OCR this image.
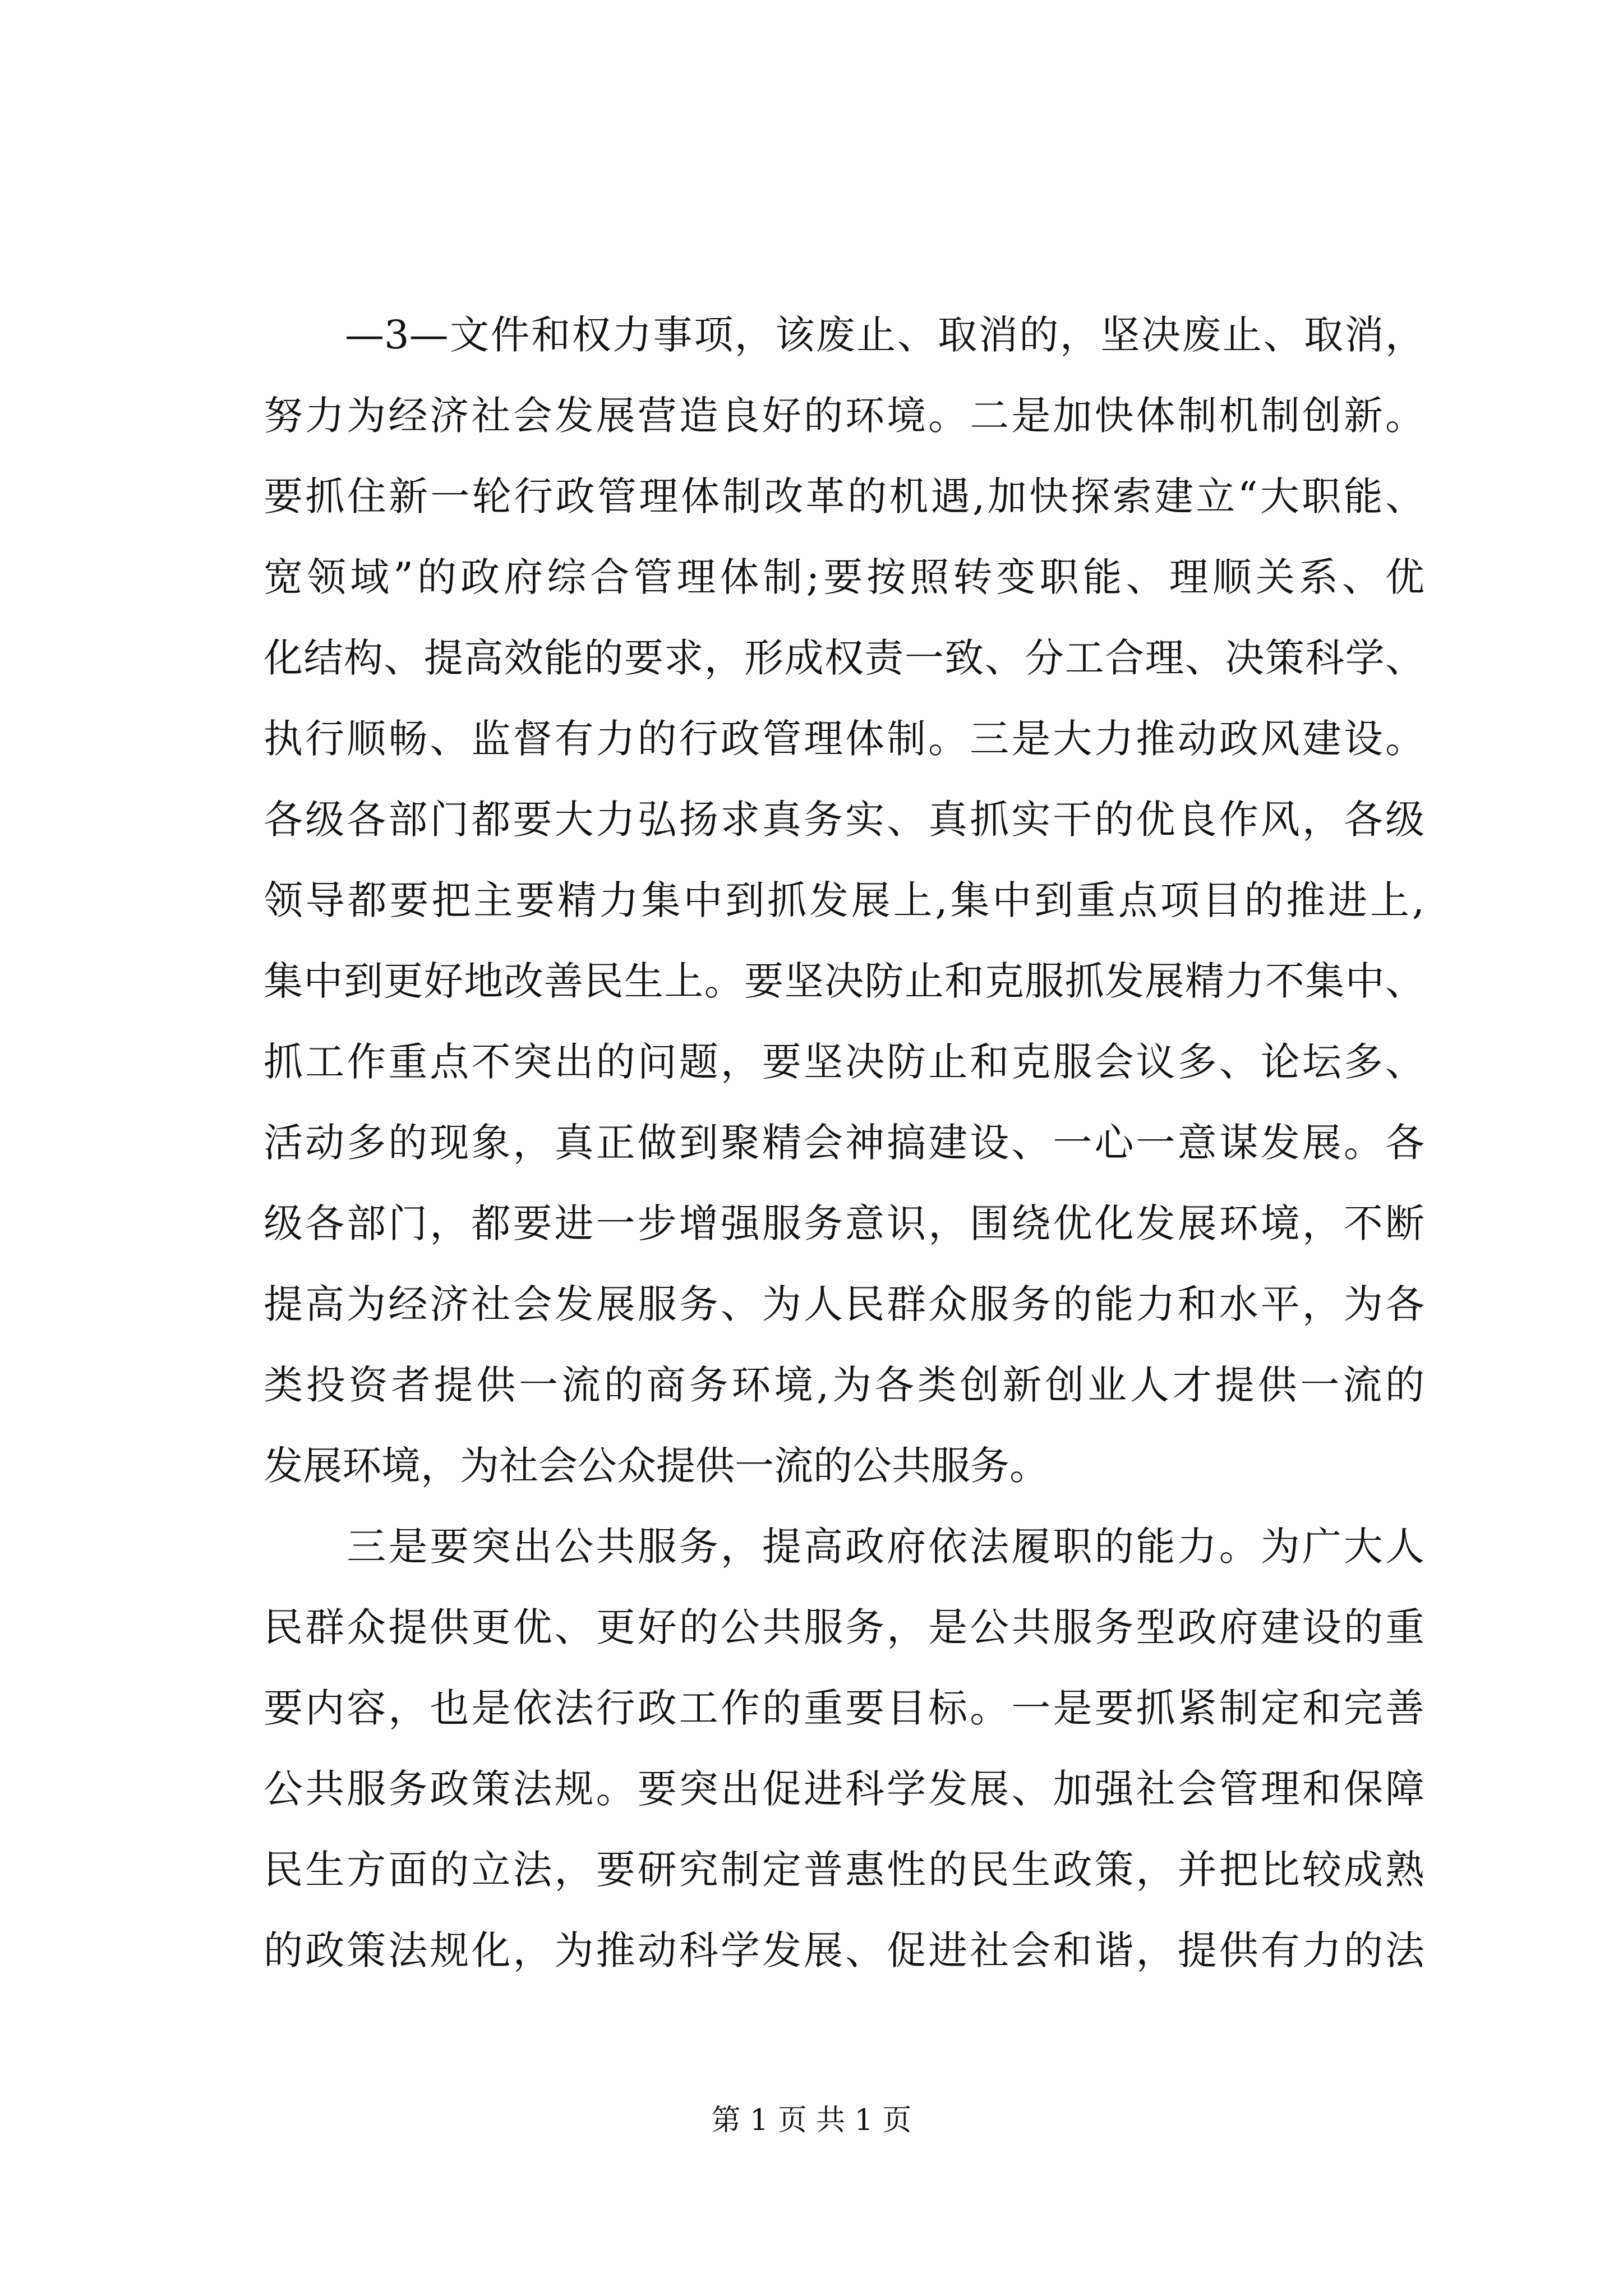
　　—3—文件和权力事项，该废止、取消的，坚决废止、取消，
努力为经济社会发展营造良好的环境。二是加快体制机制创新。
要抓住新一轮行政管理体制改革的机遇,加快探索建立“大职能、
宽领域”的政府综合管理体制;要按照转变职能、理顺关系、优
化结构、提高效能的要求，形成权责一致、分工合理、决策科学、
执行顺畅、监督有力的行政管理体制。三是大力推动政风建设。
各级各部门都要大力弘扬求真务实、真抓实干的优良作风，各级
领导都要把主要精力集中到抓发展上,集中到重点项目的推进上,
集中到更好地改善民生上。要坚决防止和克服抓发展精力不集中、
抓工作重点不突出的问题，要坚决防止和克服会议多、论坛多、
活动多的现象，真正做到聚精会神搞建设、一心一意谋发展。各
级各部门，都要进一步增强服务意识，围绕优化发展环境，不断
提高为经济社会发展服务、为人民群众服务的能力和水平，为各
类投资者提供一流的商务环境,为各类创新创业人才提供一流的
发展环境，为社会公众提供一流的公共服务。
　　三是要突出公共服务，提高政府依法履职的能力。为广大人
民群众提供更优、更好的公共服务，是公共服务型政府建设的重
要内容，也是依法行政工作的重要目标。一是要抓紧制定和完善
公共服务政策法规。要突出促进科学发展、加强社会管理和保障
民生方面的立法，要研究制定普惠性的民生政策，并把比较成熟
的政策法规化，为推动科学发展、促进社会和谐，提供有力的法
第 1 页 共 1 页
